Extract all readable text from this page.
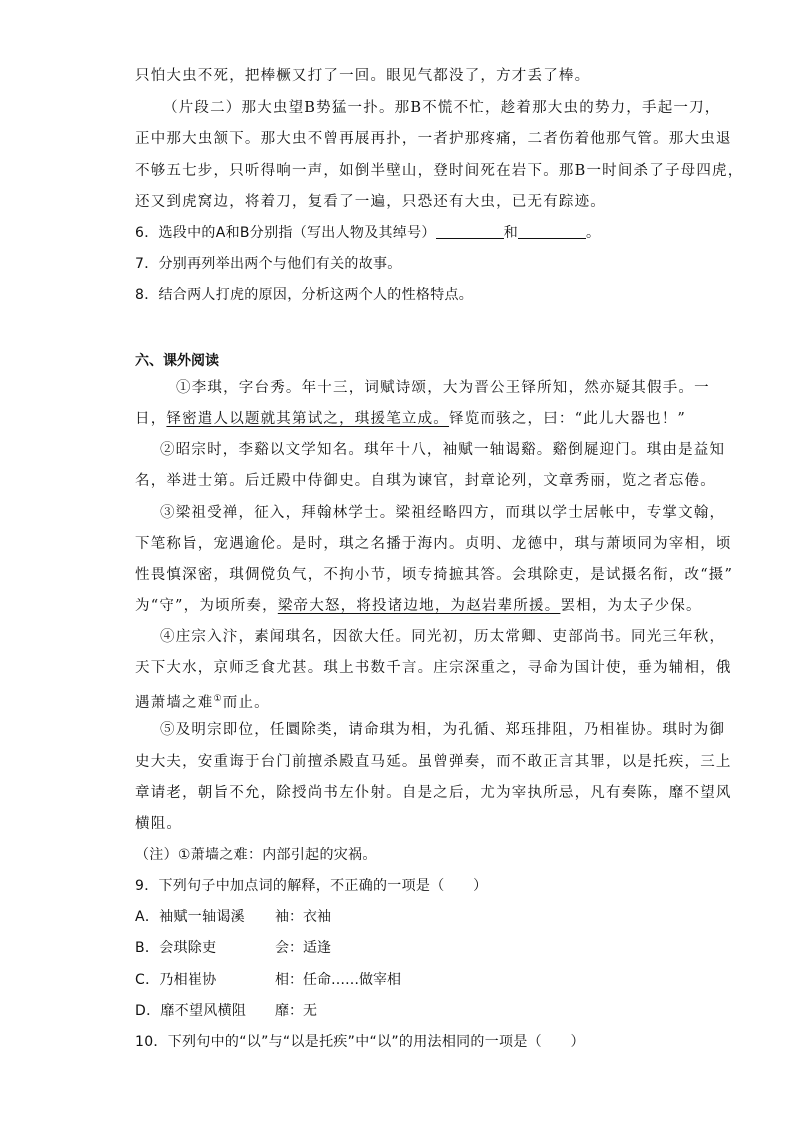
只怕大虫不死，把棒橛又打了一回。眼见气都没了，方才丢了棒。
（片段二）那大虫望B势猛一扑。那B不慌不忙，趁着那大虫的势力，手起一刀，
正中那大虫颔下。那大虫不曾再展再扑，一者护那疼痛，二者伤着他那气管。那大虫退
不够五七步，只听得响一声，如倒半壁山，登时间死在岩下。那B一时间杀了子母四虎，
还又到虎窝边，将着刀，复看了一遍，只恐还有大虫，已无有踪迹。
6．选段中的A和B分别指（写出人物及其绰号）	和	。
7．分别再列举出两个与他们有关的故事。
8．结合两人打虎的原因，分析这两个人的性格特点。
六、课外阅读
①李琪，字台秀。年十三，词赋诗颂，大为晋公王铎所知，然亦疑其假手。一
日，铎密遣人以题就其第试之，琪援笔立成。铎览而骇之，曰：“此儿大器也！”
②昭宗时，李谿以文学知名。琪年十八，袖赋一轴谒谿。谿倒屣迎门。琪由是益知
名，举进士第。后迁殿中侍御史。自琪为谏官，封章论列，文章秀丽，览之者忘倦。
③梁祖受禅，征入，拜翰林学士。梁祖经略四方，而琪以学士居帐中，专掌文翰，
下笔称旨，宠遇逾伦。是时，琪之名播于海内。贞明、龙德中，琪与萧顷同为宰相，顷
性畏慎深密，琪倜傥负气，不拘小节，顷专掎摭其答。会琪除吏，是试摄名衔，改“摄”
为“守”，为顷所奏，梁帝大怒，将投诸边地，为赵岩辈所援。罢相，为太子少保。
④庄宗入汴，素闻琪名，因欲大任。同光初，历太常卿、吏部尚书。同光三年秋，
天下大水，京师乏食尤甚。琪上书数千言。庄宗深重之，寻命为国计使，垂为辅相，俄
遇萧墙之难①而止。
⑤及明宗即位，任圜除类，请命琪为相，为孔循、郑珏排阻，乃相崔协。琪时为御
史大夫，安重诲于台门前擅杀殿直马延。虽曾弹奏，而不敢正言其罪，以是托疾，三上
章请老，朝旨不允，除授尚书左仆射。自是之后，尤为宰执所忌，凡有奏陈，靡不望风
横阻。
（注）①萧墙之难：内部引起的灾祸。
9．下列句子中加点词的解释，不正确的一项是（　　）
A．袖赋一轴谒溪 袖：衣袖
B．会琪除吏	会：适逢
C．乃相崔协	相：任命……做宰相
D．靡不望风横阻 靡：无
10．下列句中的“以”与“以是托疾”中“以”的用法相同的一项是（　　）
